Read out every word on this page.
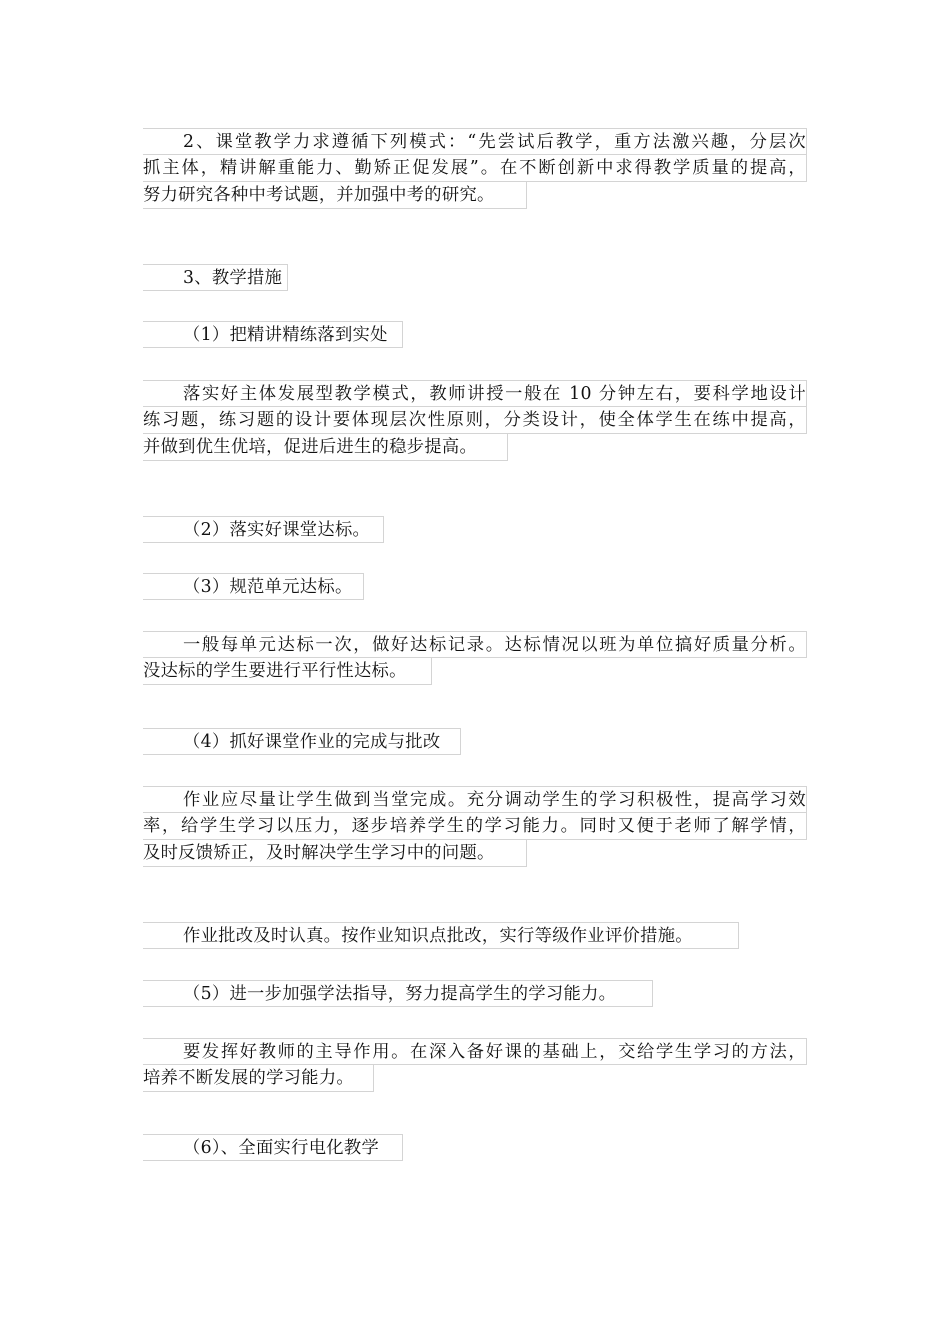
2、课堂教学力求遵循下列模式：“先尝试后教学，重方法激兴趣，分层次
抓主体，精讲解重能力、勤矫正促发展”。在不断创新中求得教学质量的提高，
努力研究各种中考试题，并加强中考的研究。
3、教学措施
（1）把精讲精练落到实处
落实好主体发展型教学模式，教师讲授一般在 10 分钟左右，要科学地设计
练习题，练习题的设计要体现层次性原则，分类设计，使全体学生在练中提高，
并做到优生优培，促进后进生的稳步提高。
（2）落实好课堂达标。
（3）规范单元达标。
一般每单元达标一次，做好达标记录。达标情况以班为单位搞好质量分析。
没达标的学生要进行平行性达标。
（4）抓好课堂作业的完成与批改
作业应尽量让学生做到当堂完成。充分调动学生的学习积极性，提高学习效
率，给学生学习以压力，逐步培养学生的学习能力。同时又便于老师了解学情，
及时反馈矫正，及时解决学生学习中的问题。
作业批改及时认真。按作业知识点批改，实行等级作业评价措施。
（5）进一步加强学法指导，努力提高学生的学习能力。
要发挥好教师的主导作用。在深入备好课的基础上，交给学生学习的方法，
培养不断发展的学习能力。
（6）、全面实行电化教学
